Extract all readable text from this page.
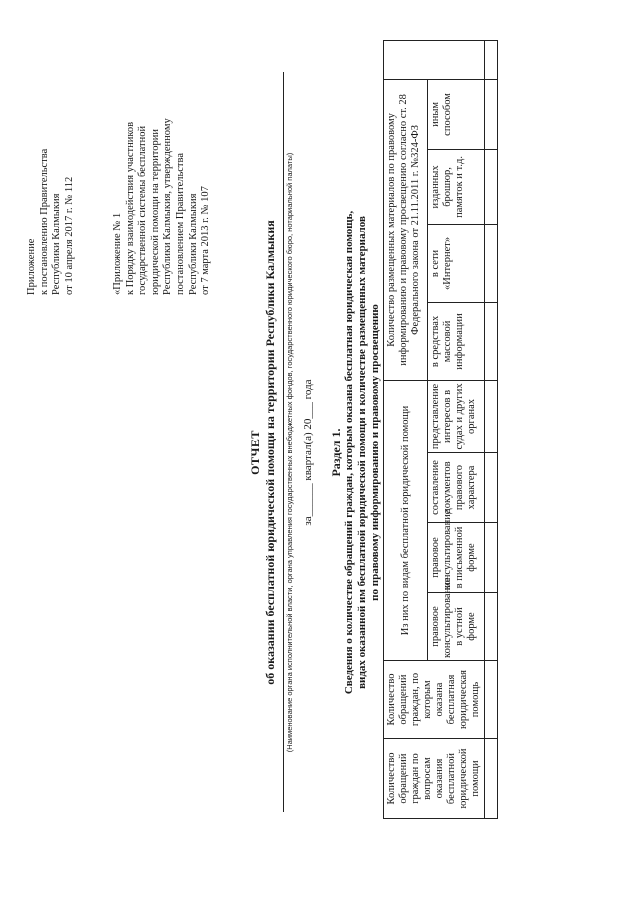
Приложение к постановлению Правительства Республики Калмыкия от 10 апреля 2017 г. № 112	«Приложение № 1 к Порядку взаимодействия участников государственной системы бесплатной юридической помощи на территории Республики Калмыкия, утвержденному постановлением Правительства Республики Калмыкия от 7 марта 2013 г. № 107
ОТЧЕТ об оказании бесплатной юридической помощи на территории Республики Калмыкия (Наименование органа исполнительной власти, органа управления государственных внебюджетных фондов, государственного юридического бюро, нотариальной палаты) за______ квартал(а) 20___ года Раздел 1. Сведения о количестве обращений граждан, которым оказана бесплатная юридическая помощь, видах оказанной им бесплатной юридической помощи и количестве размещенных материалов по правовому информированию и правовому просвещению
Количество обращений граждан по вопросам оказания бесплатной юридической помощи	Количество обращений граждан, по которым оказана бесплатная юридическая помощь	Из них по видам бесплатной юридической помощи				Количество размещенных материалов по правовому информированию и правовому просвещению согласно ст. 28 Федерального закона от 21.11.2011 г. №324-ФЗ				
		правовое консультирование в устной форме	правовое консультирование в письменной форме	составление документов правового характера	представление интересов в судах и других органах	в средствах массовой информации	в сети «Интернет»	изданных брошюр, памяток и т.д.	иным способом	
